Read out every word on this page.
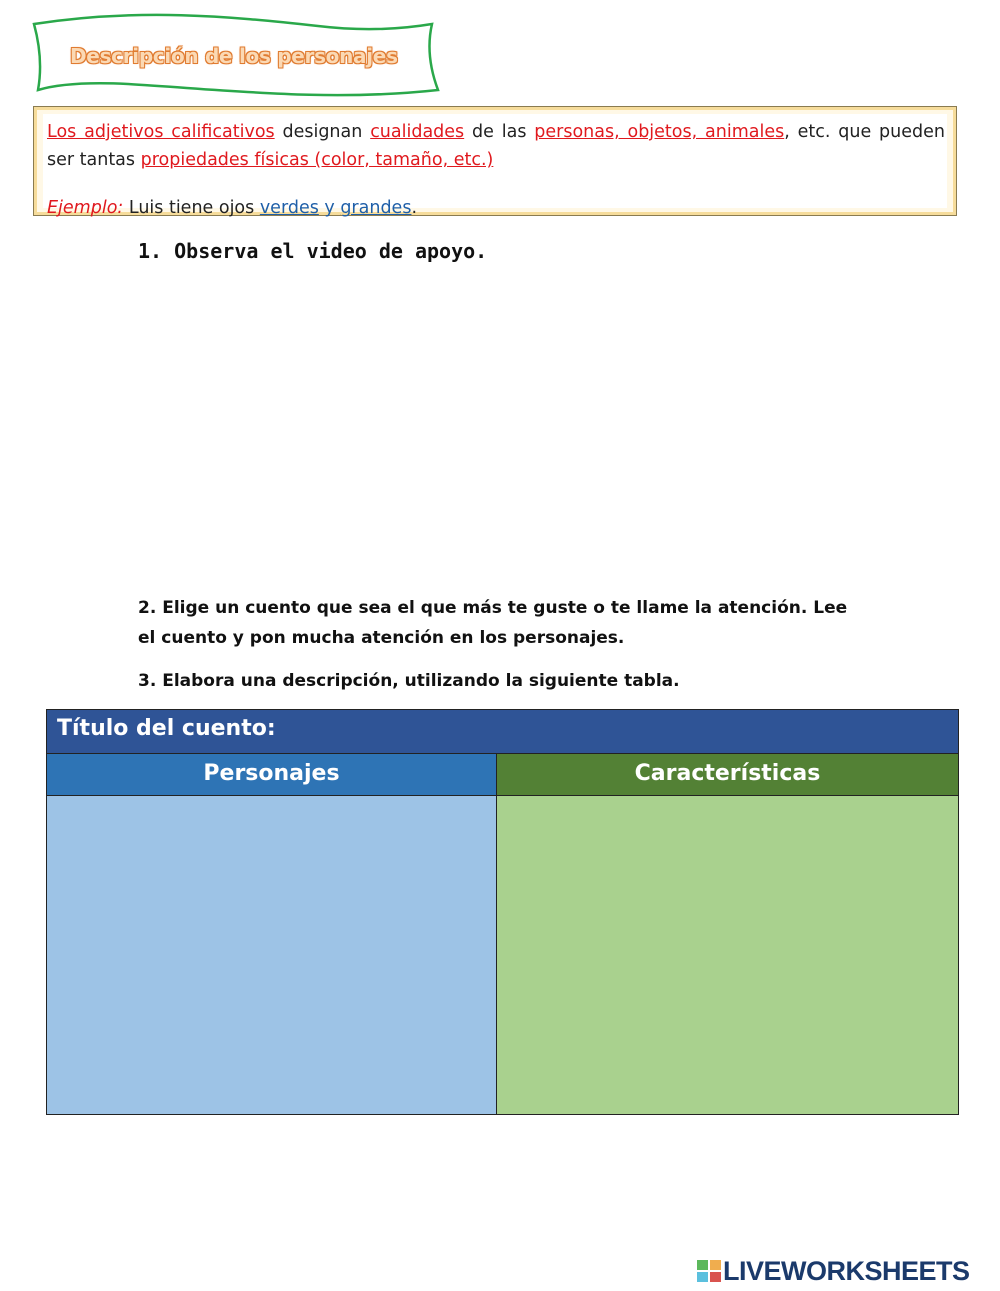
Descripción de los personajes
Los adjetivos calificativos designan cualidades de las personas, objetos, animales, etc. que pueden ser tantas propiedades físicas (color, tamaño, etc.)
Ejemplo: Luis tiene ojos verdes y grandes.
1. Observa el video de apoyo.
2. Elige un cuento que sea el que más te guste o te llame la atención. Lee el cuento y pon mucha atención en los personajes.
3. Elabora una descripción, utilizando la siguiente tabla.
Título del cuento:
Personajes	Características
LIVEWORKSHEETS
